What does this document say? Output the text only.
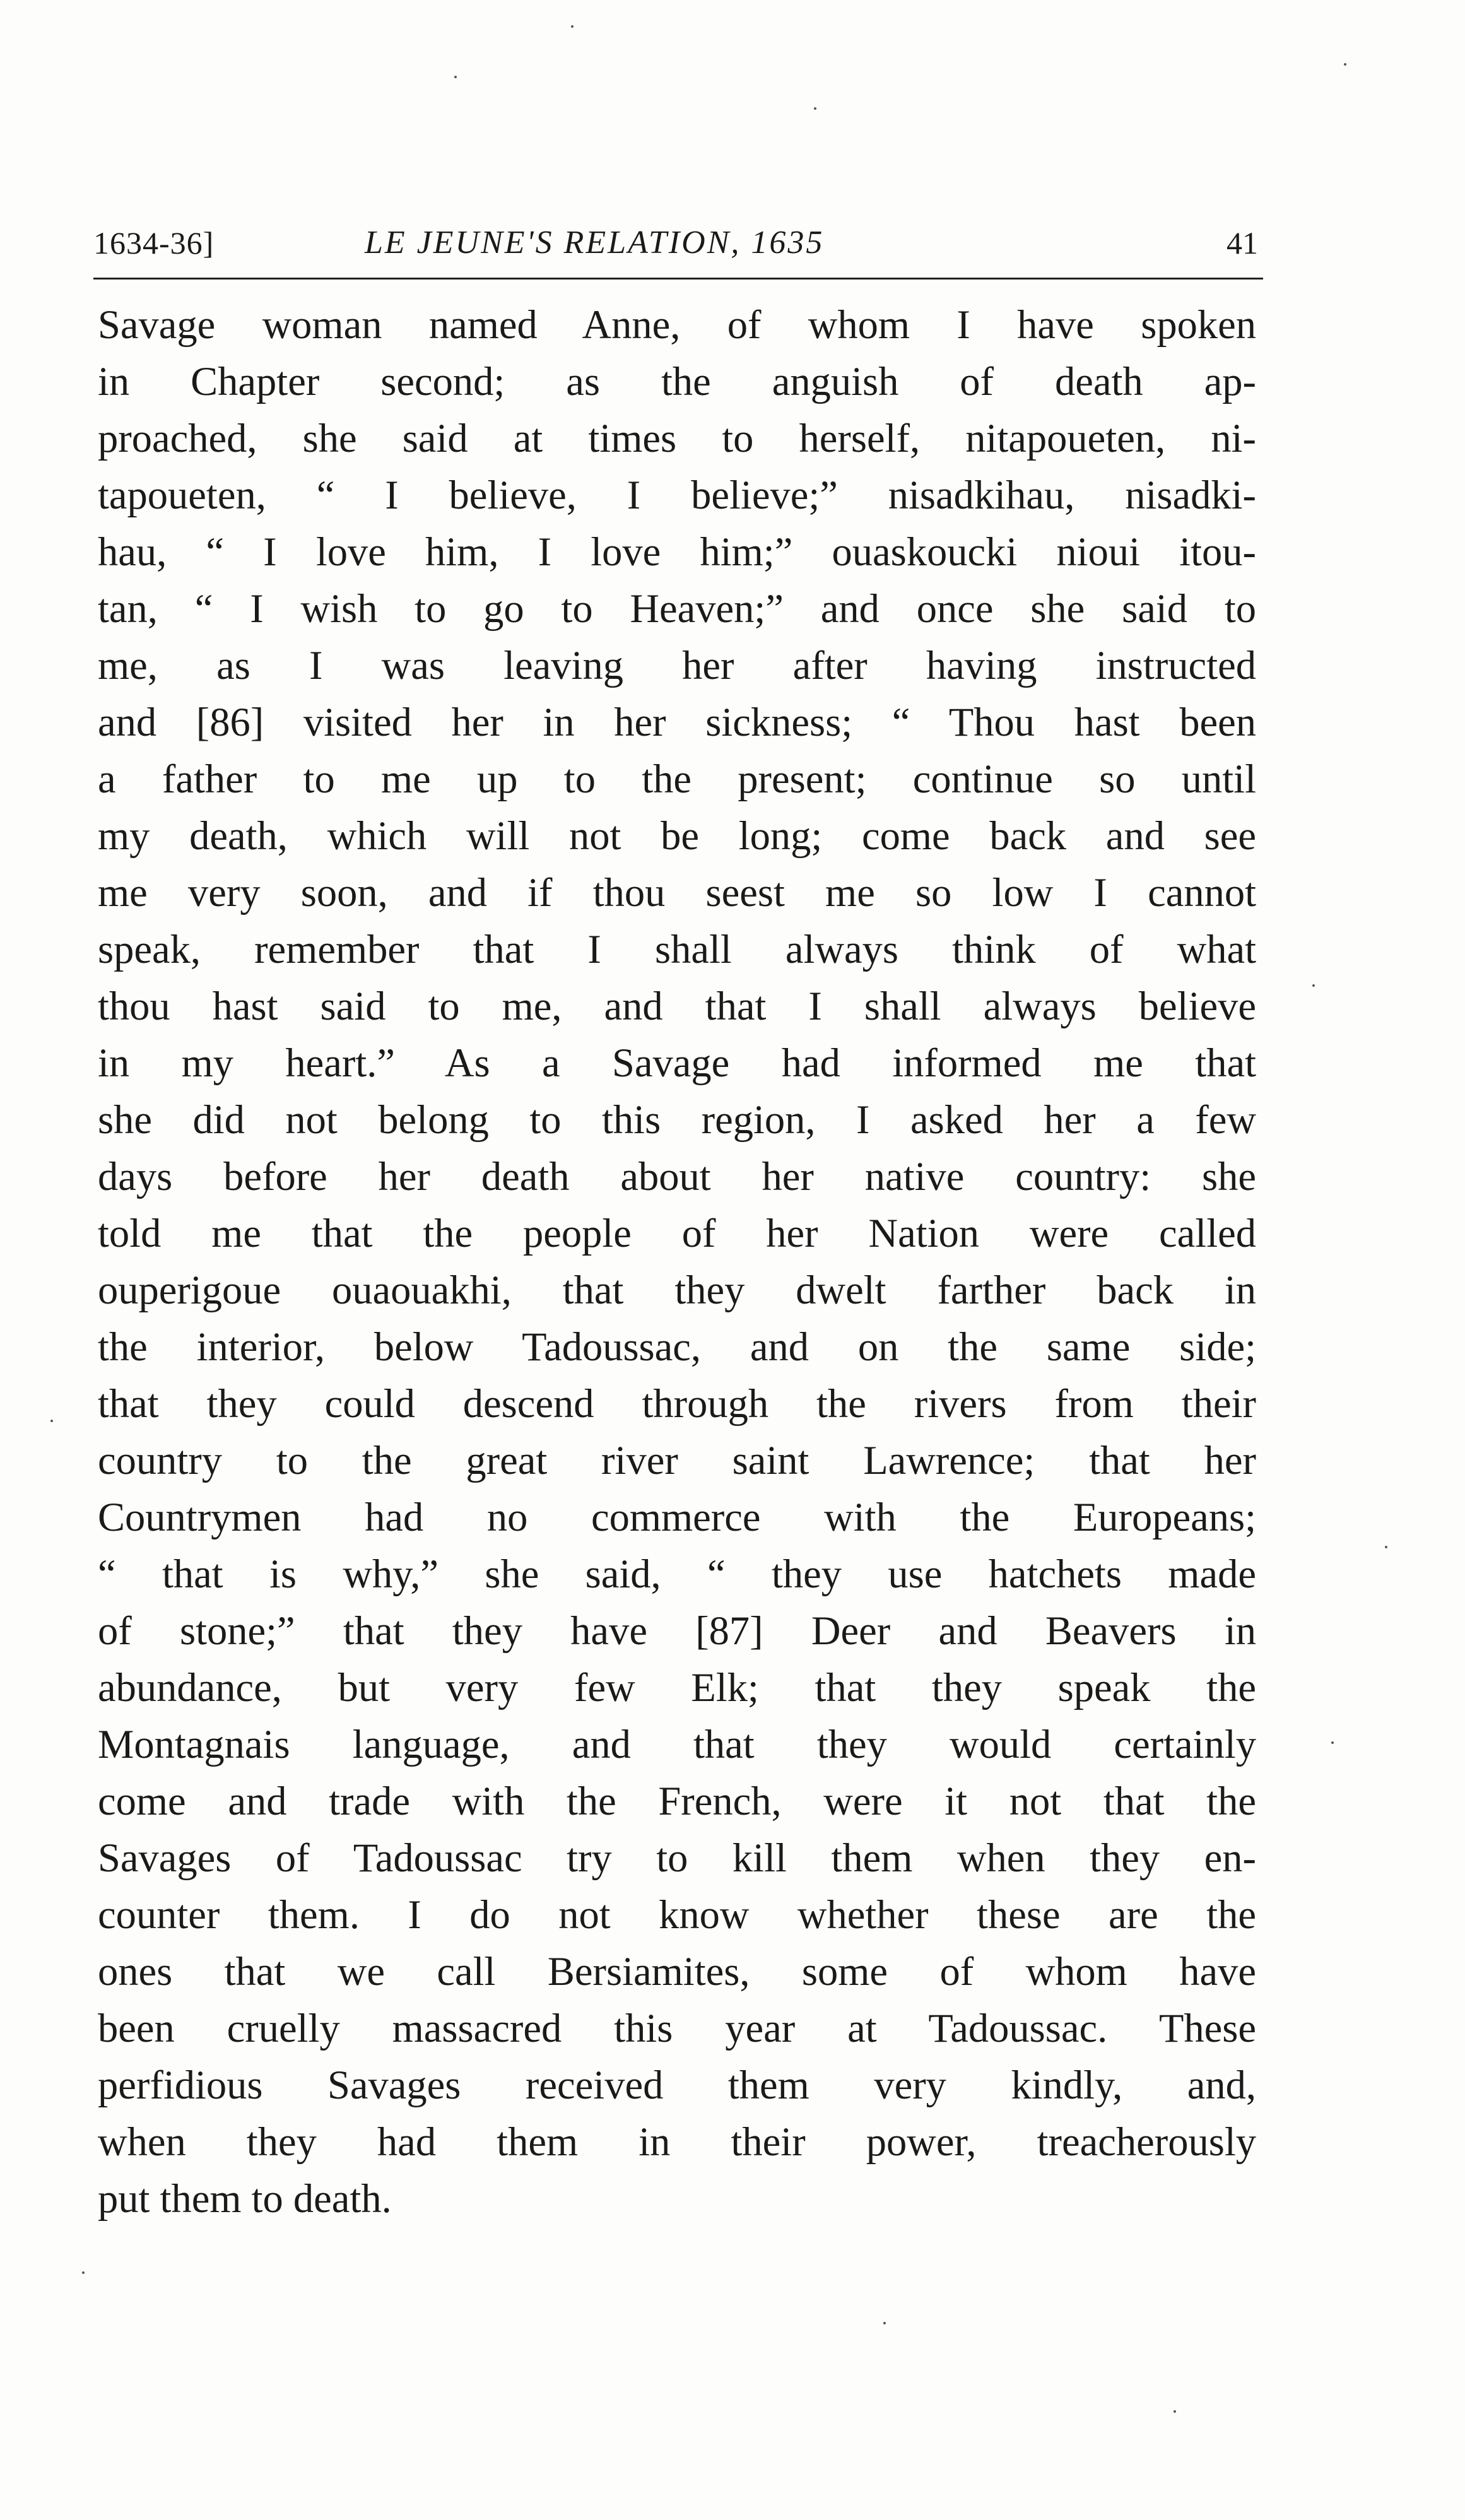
1634-36]	LE JEUNE'S RELATION, 1635	41
Savage woman named Anne, of whom I have spoken
in Chapter second; as the anguish of death ap-
proached, she said at times to herself, nitapoueten, ni-
tapoueten, “ I believe, I believe;” nisadkihau, nisadki-
hau, “ I love him, I love him;” ouaskoucki nioui itou-
tan, “ I wish to go to Heaven;” and once she said to
me, as I was leaving her after having instructed
and [86] visited her in her sickness; “ Thou hast been
a father to me up to the present; continue so until
my death, which will not be long; come back and see
me very soon, and if thou seest me so low I cannot
speak, remember that I shall always think of what
thou hast said to me, and that I shall always believe
in my heart.” As a Savage had informed me that
she did not belong to this region, I asked her a few
days before her death about her native country: she
told me that the people of her Nation were called
ouperigoue ouaouakhi, that they dwelt farther back in
the interior, below Tadoussac, and on the same side;
that they could descend through the rivers from their
country to the great river saint Lawrence; that her
Countrymen had no commerce with the Europeans;
“ that is why,” she said, “ they use hatchets made
of stone;” that they have [87] Deer and Beavers in
abundance, but very few Elk; that they speak the
Montagnais language, and that they would certainly
come and trade with the French, were it not that the
Savages of Tadoussac try to kill them when they en-
counter them. I do not know whether these are the
ones that we call Bersiamites, some of whom have
been cruelly massacred this year at Tadoussac. These
perfidious Savages received them very kindly, and,
when they had them in their power, treacherously
put them to death.
